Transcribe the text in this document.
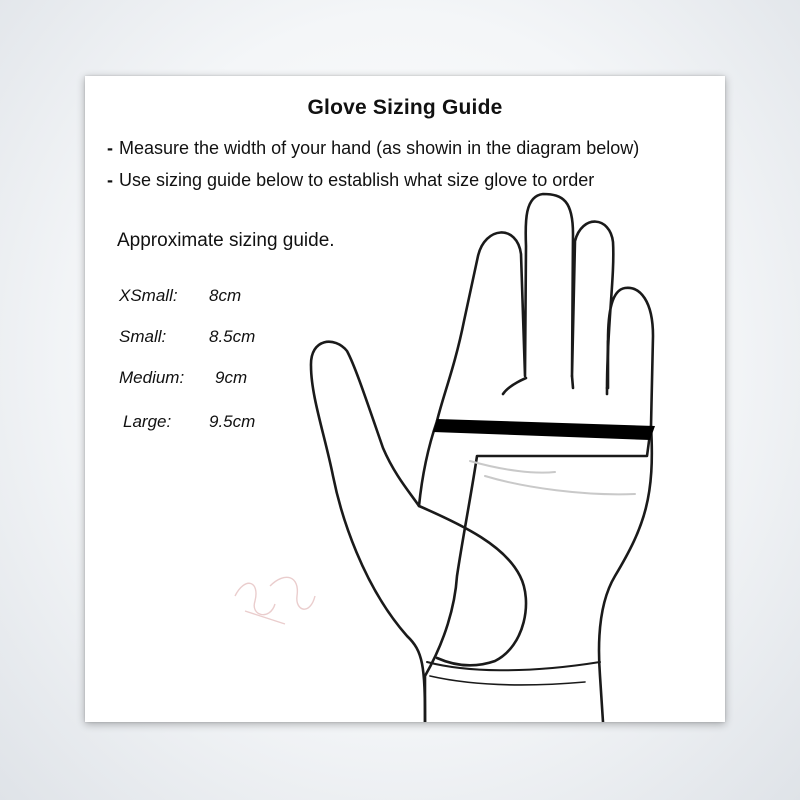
Glove Sizing Guide
- Measure the width of your hand (as showin in the diagram below)
- Use sizing guide below to establish what size glove to order
Approximate sizing guide.
XSmall: 8cm
Small:	8.5cm
Medium: 9cm
Large: 9.5cm
